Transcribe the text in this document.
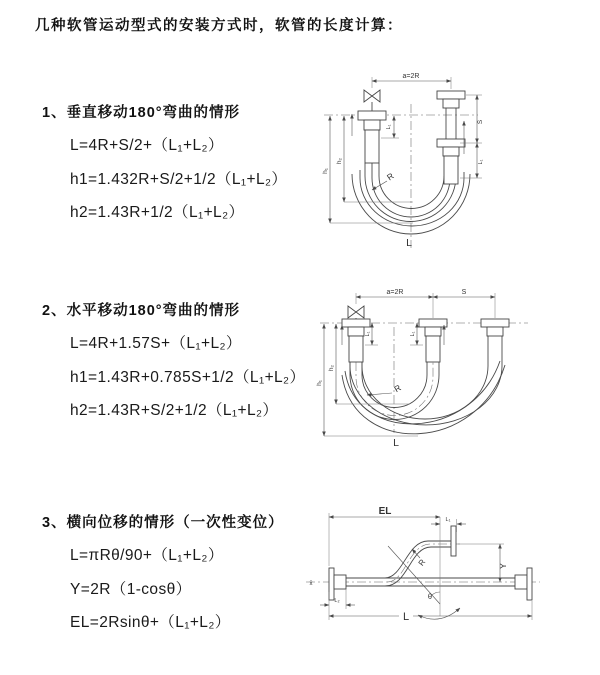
几种软管运动型式的安装方式时，软管的长度计算：
1、垂直移动180°弯曲的情形
L=4R+S/2+（L₁+L₂）
h1=1.432R+S/2+1/2（L₁+L₂）
h2=1.43R+1/2（L₁+L₂）
2、水平移动180°弯曲的情形
L=4R+1.57S+（L₁+L₂）
h1=1.43R+0.785S+1/2（L₁+L₂）
h2=1.43R+S/2+1/2（L₁+L₂）
3、横向位移的情形（一次性变位）
L=πRθ/90+（L₁+L₂）
Y=2R（1-cosθ）
EL=2Rsinθ+（L₁+L₂）
a=2R
S
L₁
L₁
h₂
h₁	R
L
a=2R	S
L₁	L₁
h₂
h₁	R
L
EL
L₁
Y
L₂
L
R
θ
x̄
